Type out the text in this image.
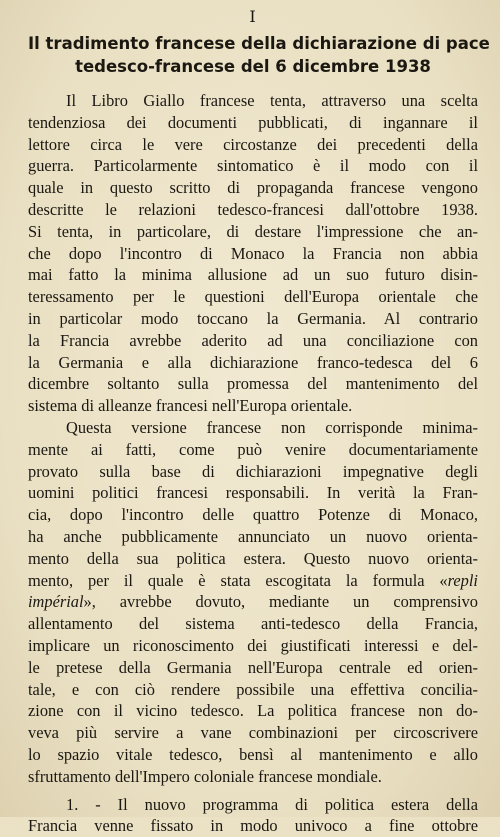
I
Il tradimento francese della dichiarazione di pace
tedesco-francese del 6 dicembre 1938
Il Libro Giallo francese tenta, attraverso una scelta
tendenziosa dei documenti pubblicati, di ingannare il
lettore circa le vere circostanze dei precedenti della
guerra. Particolarmente sintomatico è il modo con il
quale in questo scritto di propaganda francese vengono
descritte le relazioni tedesco-francesi dall'ottobre 1938.
Si tenta, in particolare, di destare l'impressione che an-
che dopo l'incontro di Monaco la Francia non abbia
mai fatto la minima allusione ad un suo futuro disin-
teressamento per le questioni dell'Europa orientale che
in particolar modo toccano la Germania. Al contrario
la Francia avrebbe aderito ad una conciliazione con
la Germania e alla dichiarazione franco-tedesca del 6
dicembre soltanto sulla promessa del mantenimento del
sistema di alleanze francesi nell'Europa orientale.
Questa versione francese non corrisponde minima-
mente ai fatti, come può venire documentariamente
provato sulla base di dichiarazioni impegnative degli
uomini politici francesi responsabili. In verità la Fran-
cia, dopo l'incontro delle quattro Potenze di Monaco,
ha anche pubblicamente annunciato un nuovo orienta-
mento della sua politica estera. Questo nuovo orienta-
mento, per il quale è stata escogitata la formula «repli
impérial», avrebbe dovuto, mediante un comprensivo
allentamento del sistema anti-tedesco della Francia,
implicare un riconoscimento dei giustificati interessi e del-
le pretese della Germania nell'Europa centrale ed orien-
tale, e con ciò rendere possibile una effettiva concilia-
zione con il vicino tedesco. La politica francese non do-
veva più servire a vane combinazioni per circoscrivere
lo spazio vitale tedesco, bensì al mantenimento e allo
sfruttamento dell'Impero coloniale francese mondiale.
1. - Il nuovo programma di politica estera della
Francia venne fissato in modo univoco a fine ottobre
